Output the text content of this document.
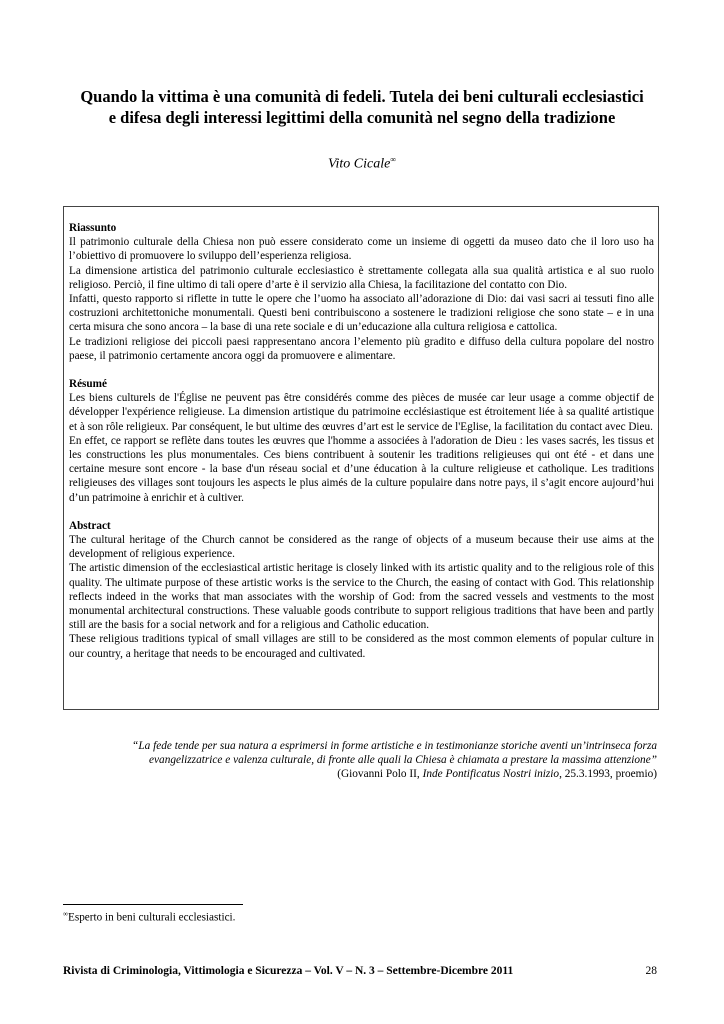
Quando la vittima è una comunità di fedeli. Tutela dei beni culturali ecclesiastici
e difesa degli interessi legittimi della comunità nel segno della tradizione
Vito Cicale∞
Riassunto

Il patrimonio culturale della Chiesa non può essere considerato come un insieme di oggetti da museo dato che il loro uso ha l’obiettivo di promuovere lo sviluppo dell’esperienza religiosa.

La dimensione artistica del patrimonio culturale ecclesiastico è strettamente collegata alla sua qualità artistica e al suo ruolo religioso. Perciò, il fine ultimo di tali opere d’arte è il servizio alla Chiesa, la facilitazione del contatto con Dio.

Infatti, questo rapporto si riflette in tutte le opere che l’uomo ha associato all’adorazione di Dio: dai vasi sacri ai tessuti fino alle costruzioni architettoniche monumentali. Questi beni contribuiscono a sostenere le tradizioni religiose che sono state – e in una certa misura che sono ancora – la base di una rete sociale e di un’educazione alla cultura religiosa e cattolica.

Le tradizioni religiose dei piccoli paesi rappresentano ancora l’elemento più gradito e diffuso della cultura popolare del nostro paese, il patrimonio certamente ancora oggi da promuovere e alimentare.

Résumé

Les biens culturels de l'Église ne peuvent pas être considérés comme des pièces de musée car leur usage a comme objectif de développer l'expérience religieuse. La dimension artistique du patrimoine ecclésiastique est étroitement liée à sa qualité artistique et à son rôle religieux. Par conséquent, le but ultime des œuvres d’art est le service de l'Eglise, la facilitation du contact avec Dieu.

En effet, ce rapport se reflète dans toutes les œuvres que l'homme a associées à l'adoration de Dieu : les vases sacrés, les tissus et les constructions les plus monumentales. Ces biens contribuent à soutenir les traditions religieuses qui ont été - et dans une certaine mesure sont encore - la base d'un réseau social et d’une éducation à la culture religieuse et catholique. Les traditions religieuses des villages sont toujours les aspects le plus aimés de la culture populaire dans notre pays, il s’agit encore aujourd’hui d’un patrimoine à enrichir et à cultiver.

Abstract

The cultural heritage of the Church cannot be considered as the range of objects of a museum because their use aims at the development of religious experience.

The artistic dimension of the ecclesiastical artistic heritage is closely linked with its artistic quality and to the religious role of this quality. The ultimate purpose of these artistic works is the service to the Church, the easing of contact with God. This relationship reflects indeed in the works that man associates with the worship of God: from the sacred vessels and vestments to the most monumental architectural constructions. These valuable goods contribute to support religious traditions that have been and partly still are the basis for a social network and for a religious and Catholic education.

These religious traditions typical of small villages are still to be considered as the most common elements of popular culture in our country, a heritage that needs to be encouraged and cultivated.

“La fede tende per sua natura a esprimersi in forme artistiche e in testimonianze storiche aventi un’intrinseca forza
evangelizzatrice e valenza culturale, di fronte alle quali la Chiesa è chiamata a prestare la massima attenzione”
(Giovanni Polo II, Inde Pontificatus Nostri inizio, 25.3.1993, proemio)
∞Esperto in beni culturali ecclesiastici.
Rivista di Criminologia, Vittimologia e Sicurezza – Vol. V – N. 3 – Settembre-Dicembre 2011	28
